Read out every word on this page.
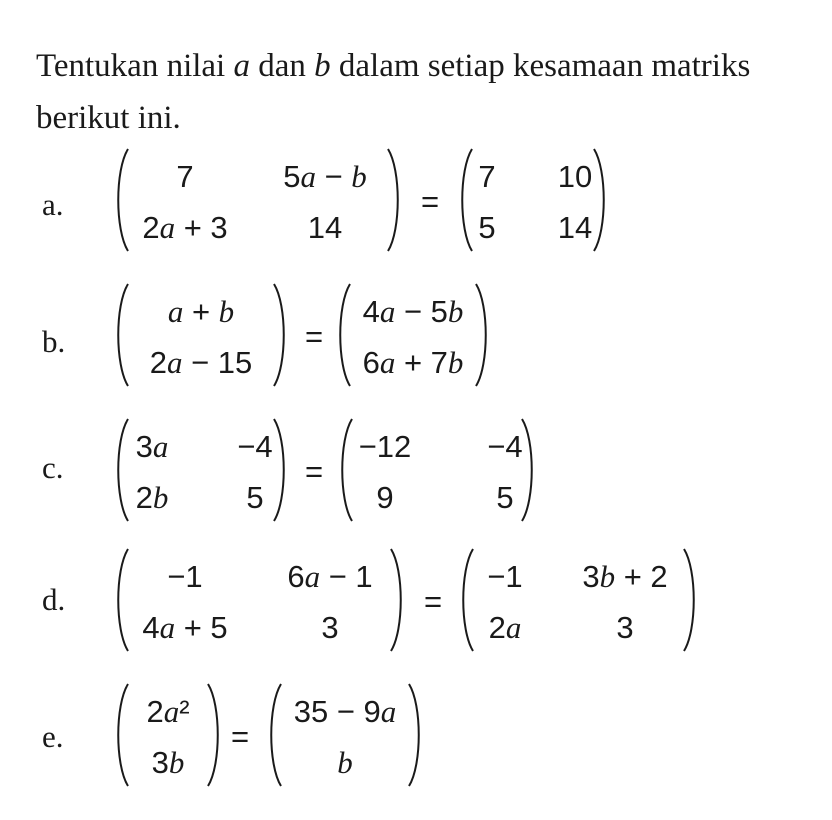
Tentukan nilai a dan b dalam setiap kesamaan matriks berikut ini.

a.
7	5a − b
2a + 3	14
=
7 10
5 14
b.
a + b
2a − 15
=
4a − 5b
6a + 7b
c.
3a −4
2b	5
=
−12 −4
9	5
d.
−1	6a − 1
4a + 5	3
=
−1 3b + 2
2a	3
e.
2a²
3b
=
35 − 9a
b
